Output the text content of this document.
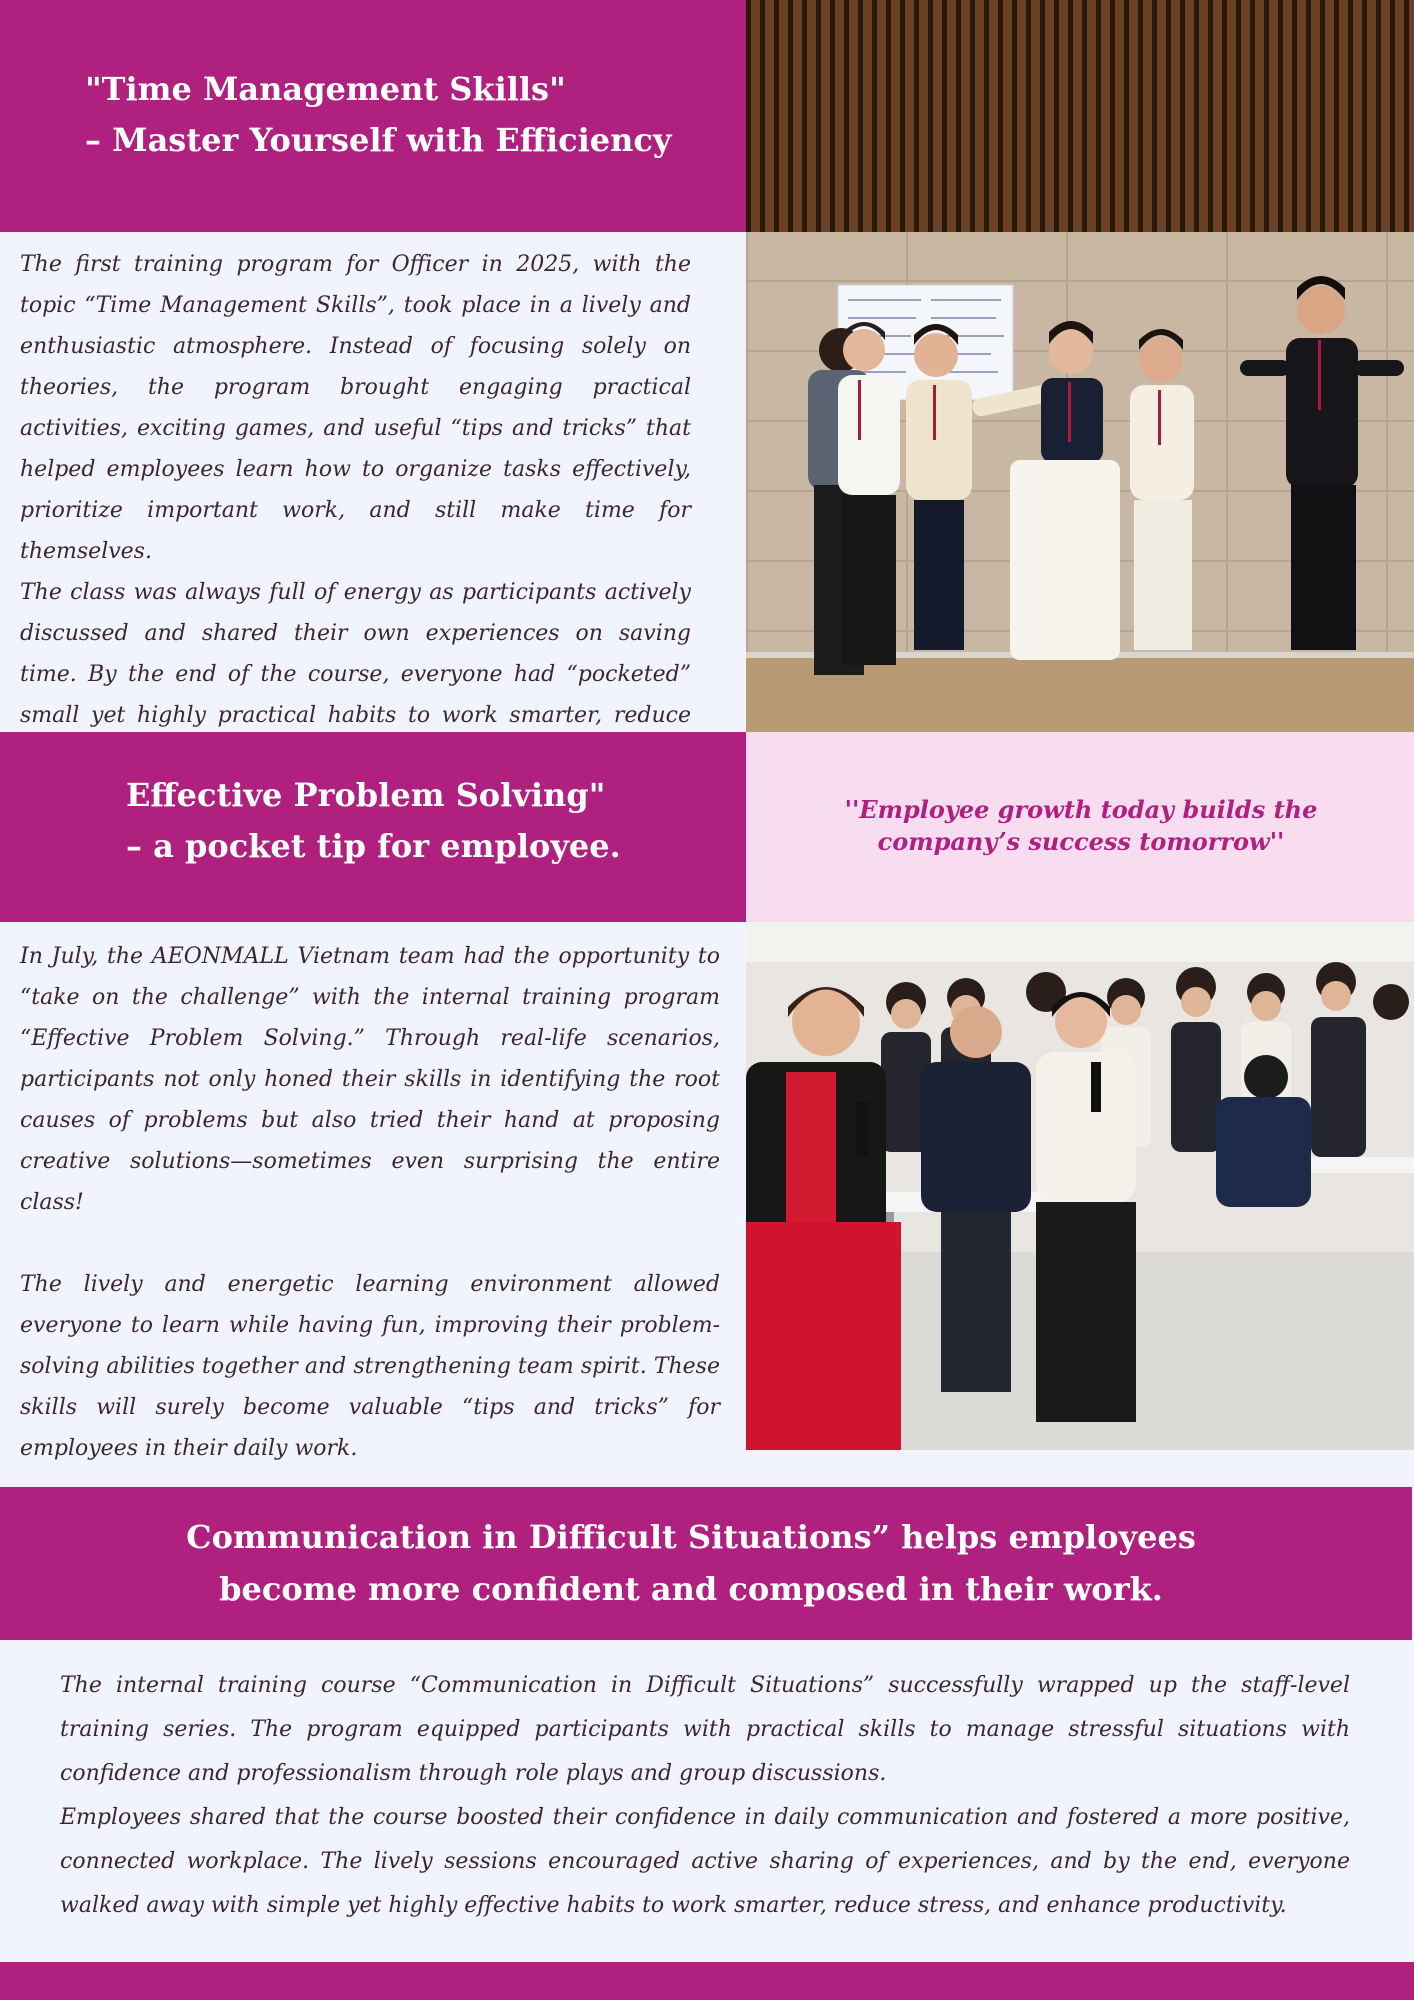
"Time Management Skills"
– Master Yourself with Efficiency

The first training program for Officer in 2025, with the topic “Time Management Skills”, took place in a lively and enthusiastic atmosphere. Instead of focusing solely on theories, the program brought engaging practical activities, exciting games, and useful “tips and tricks” that helped employees learn how to organize tasks effectively, prioritize important work, and still make time for themselves.

The class was always full of energy as participants actively discussed and shared their own experiences on saving time. By the end of the course, everyone had “pocketed” small yet highly practical habits to work smarter, reduce

Effective Problem Solving"
– a pocket tip for employee.
''Employee growth today builds the company’s success tomorrow''

In July, the AEONMALL Vietnam team had the opportunity to “take on the challenge” with the internal training program “Effective Problem Solving.” Through real-life scenarios, participants not only honed their skills in identifying the root causes of problems but also tried their hand at proposing creative solutions—sometimes even surprising the entire class!

The lively and energetic learning environment allowed everyone to learn while having fun, improving their problem-solving abilities together and strengthening team spirit. These skills will surely become valuable “tips and tricks” for employees in their daily work.

Communication in Difficult Situations” helps employees
become more confident and composed in their work.

The internal training course “Communication in Difficult Situations” successfully wrapped up the staff-level training series. The program equipped participants with practical skills to manage stressful situations with confidence and professionalism through role plays and group discussions.

Employees shared that the course boosted their confidence in daily communication and fostered a more positive, connected workplace. The lively sessions encouraged active sharing of experiences, and by the end, everyone walked away with simple yet highly effective habits to work smarter, reduce stress, and enhance productivity.
